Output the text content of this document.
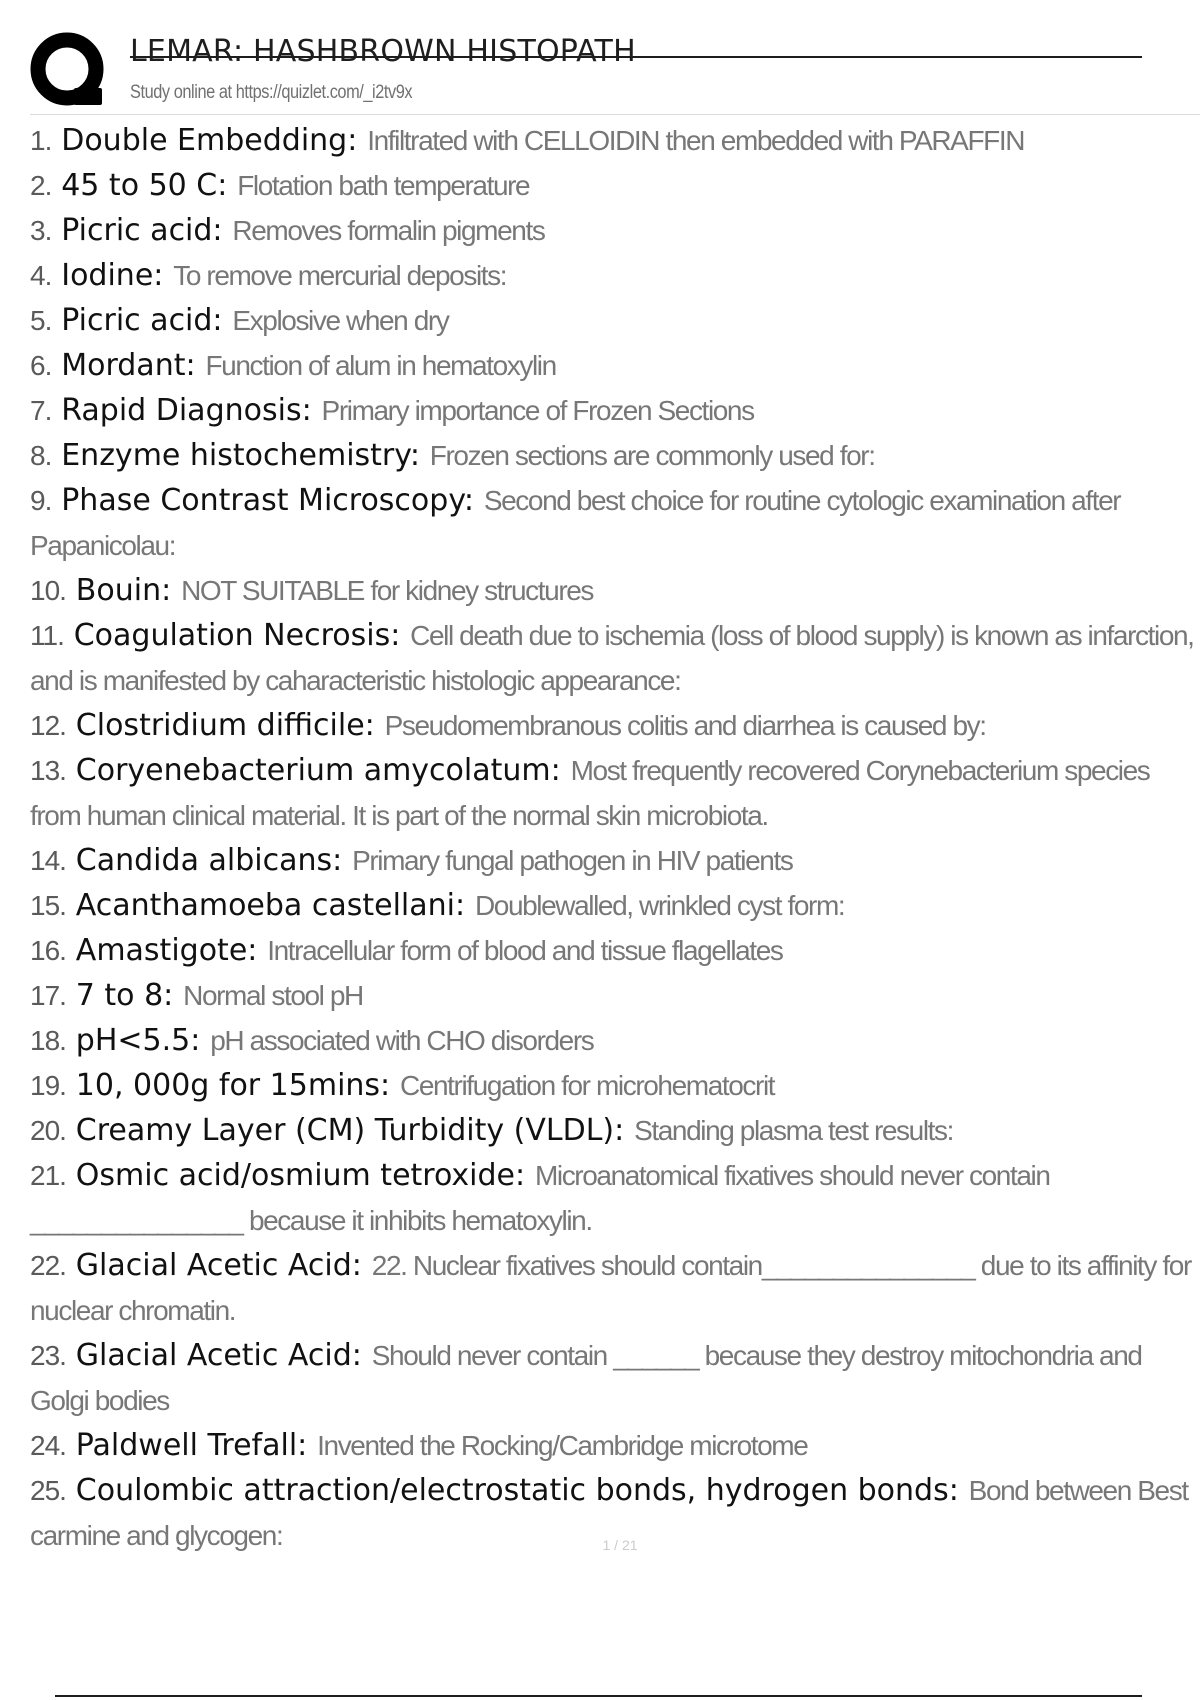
LEMAR: HASHBROWN HISTOPATH
Study online at https://quizlet.com/_i2tv9x
1. Double Embedding: Infiltrated with CELLOIDIN then embedded with PARAFFIN
2. 45 to 50 C: Flotation bath temperature
3. Picric acid: Removes formalin pigments
4. Iodine: To remove mercurial deposits:
5. Picric acid: Explosive when dry
6. Mordant: Function of alum in hematoxylin
7. Rapid Diagnosis: Primary importance of Frozen Sections
8. Enzyme histochemistry: Frozen sections are commonly used for:
9. Phase Contrast Microscopy: Second best choice for routine cytologic examination after Papanicolau:
10. Bouin: NOT SUITABLE for kidney structures
11. Coagulation Necrosis: Cell death due to ischemia (loss of blood supply) is known as infarction, and is manifested by caharacteristic histologic appearance:
12. Clostridium difficile: Pseudomembranous colitis and diarrhea is caused by:
13. Coryenebacterium amycolatum: Most frequently recovered Corynebacterium species from human clinical material. It is part of the normal skin microbiota.
14. Candida albicans: Primary fungal pathogen in HIV patients
15. Acanthamoeba castellani: Doublewalled, wrinkled cyst form:
16. Amastigote: Intracellular form of blood and tissue flagellates
17. 7 to 8: Normal stool pH
18. pH<5.5: pH associated with CHO disorders
19. 10, 000g for 15mins: Centrifugation for microhematocrit
20. Creamy Layer (CM) Turbidity (VLDL): Standing plasma test results:
21. Osmic acid/osmium tetroxide: Microanatomical fixatives should never contain _______________ because it inhibits hematoxylin.
22. Glacial Acetic Acid: 22. Nuclear fixatives should contain_______________ due to its affinity for nuclear chromatin.
23. Glacial Acetic Acid: Should never contain ______ because they destroy mitochondria and Golgi bodies
24. Paldwell Trefall: Invented the Rocking/Cambridge microtome
25. Coulombic attraction/electrostatic bonds, hydrogen bonds: Bond between Best carmine and glycogen:	1 / 21
